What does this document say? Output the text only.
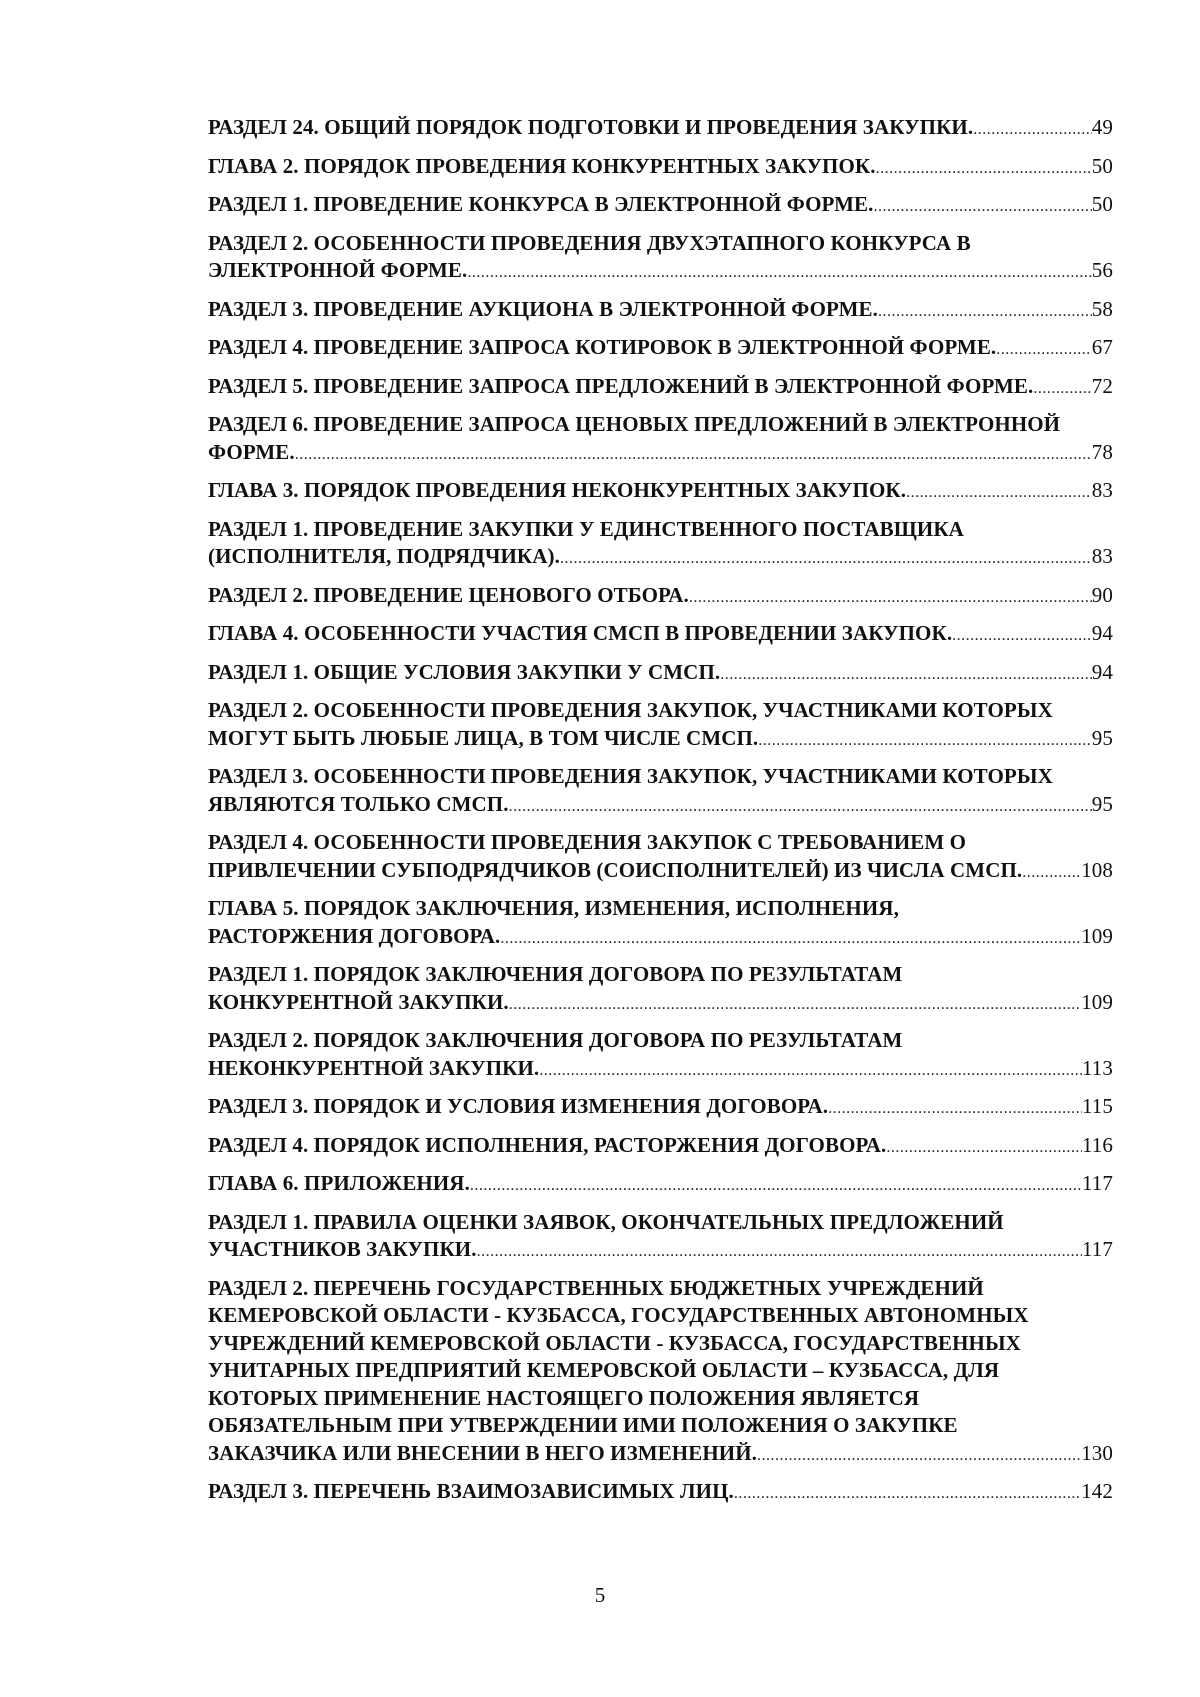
РАЗДЕЛ 24. ОБЩИЙ ПОРЯДОК ПОДГОТОВКИ И ПРОВЕДЕНИЯ ЗАКУПКИ. .....	49
ГЛАВА 2. ПОРЯДОК ПРОВЕДЕНИЯ КОНКУРЕНТНЫХ ЗАКУПОК. .....	50
РАЗДЕЛ 1. ПРОВЕДЕНИЕ КОНКУРСА В ЭЛЕКТРОННОЙ ФОРМЕ. .....	50
РАЗДЕЛ 2. ОСОБЕННОСТИ ПРОВЕДЕНИЯ ДВУХЭТАПНОГО КОНКУРСА В
ЭЛЕКТРОННОЙ ФОРМЕ. .....	56
РАЗДЕЛ 3. ПРОВЕДЕНИЕ АУКЦИОНА В ЭЛЕКТРОННОЙ ФОРМЕ. .....	58
РАЗДЕЛ 4. ПРОВЕДЕНИЕ ЗАПРОСА КОТИРОВОК В ЭЛЕКТРОННОЙ ФОРМЕ. .....	67
РАЗДЕЛ 5. ПРОВЕДЕНИЕ ЗАПРОСА ПРЕДЛОЖЕНИЙ В ЭЛЕКТРОННОЙ ФОРМЕ. .....	72
РАЗДЕЛ 6. ПРОВЕДЕНИЕ ЗАПРОСА ЦЕНОВЫХ ПРЕДЛОЖЕНИЙ В ЭЛЕКТРОННОЙ
ФОРМЕ. .....	78
ГЛАВА 3. ПОРЯДОК ПРОВЕДЕНИЯ НЕКОНКУРЕНТНЫХ ЗАКУПОК. .....	83
РАЗДЕЛ 1. ПРОВЕДЕНИЕ ЗАКУПКИ У ЕДИНСТВЕННОГО ПОСТАВЩИКА
(ИСПОЛНИТЕЛЯ, ПОДРЯДЧИКА). .....	83
РАЗДЕЛ 2. ПРОВЕДЕНИЕ ЦЕНОВОГО ОТБОРА. .....	90
ГЛАВА 4. ОСОБЕННОСТИ УЧАСТИЯ СМСП В ПРОВЕДЕНИИ ЗАКУПОК. .....	94
РАЗДЕЛ 1. ОБЩИЕ УСЛОВИЯ ЗАКУПКИ У СМСП. .....	94
РАЗДЕЛ 2. ОСОБЕННОСТИ ПРОВЕДЕНИЯ ЗАКУПОК, УЧАСТНИКАМИ КОТОРЫХ
МОГУТ БЫТЬ ЛЮБЫЕ ЛИЦА, В ТОМ ЧИСЛЕ СМСП. .....	95
РАЗДЕЛ 3. ОСОБЕННОСТИ ПРОВЕДЕНИЯ ЗАКУПОК, УЧАСТНИКАМИ КОТОРЫХ
ЯВЛЯЮТСЯ ТОЛЬКО СМСП. .....	95
РАЗДЕЛ 4. ОСОБЕННОСТИ ПРОВЕДЕНИЯ ЗАКУПОК С ТРЕБОВАНИЕМ О
ПРИВЛЕЧЕНИИ СУБПОДРЯДЧИКОВ (СОИСПОЛНИТЕЛЕЙ) ИЗ ЧИСЛА СМСП. .....	108
ГЛАВА 5. ПОРЯДОК ЗАКЛЮЧЕНИЯ, ИЗМЕНЕНИЯ, ИСПОЛНЕНИЯ,
РАСТОРЖЕНИЯ ДОГОВОРА. .....	109
РАЗДЕЛ 1. ПОРЯДОК ЗАКЛЮЧЕНИЯ ДОГОВОРА ПО РЕЗУЛЬТАТАМ
КОНКУРЕНТНОЙ ЗАКУПКИ. .....	109
РАЗДЕЛ 2. ПОРЯДОК ЗАКЛЮЧЕНИЯ ДОГОВОРА ПО РЕЗУЛЬТАТАМ
НЕКОНКУРЕНТНОЙ ЗАКУПКИ. .....	113
РАЗДЕЛ 3. ПОРЯДОК И УСЛОВИЯ ИЗМЕНЕНИЯ ДОГОВОРА. .....	115
РАЗДЕЛ 4. ПОРЯДОК ИСПОЛНЕНИЯ, РАСТОРЖЕНИЯ ДОГОВОРА. .....	116
ГЛАВА 6. ПРИЛОЖЕНИЯ. .....	117
РАЗДЕЛ 1. ПРАВИЛА ОЦЕНКИ ЗАЯВОК, ОКОНЧАТЕЛЬНЫХ ПРЕДЛОЖЕНИЙ
УЧАСТНИКОВ ЗАКУПКИ. .....	117
РАЗДЕЛ 2. ПЕРЕЧЕНЬ ГОСУДАРСТВЕННЫХ БЮДЖЕТНЫХ УЧРЕЖДЕНИЙ
КЕМЕРОВСКОЙ ОБЛАСТИ - КУЗБАССА, ГОСУДАРСТВЕННЫХ АВТОНОМНЫХ
УЧРЕЖДЕНИЙ КЕМЕРОВСКОЙ ОБЛАСТИ - КУЗБАССА, ГОСУДАРСТВЕННЫХ
УНИТАРНЫХ ПРЕДПРИЯТИЙ КЕМЕРОВСКОЙ ОБЛАСТИ – КУЗБАССА, ДЛЯ
КОТОРЫХ ПРИМЕНЕНИЕ НАСТОЯЩЕГО ПОЛОЖЕНИЯ ЯВЛЯЕТСЯ
ОБЯЗАТЕЛЬНЫМ ПРИ УТВЕРЖДЕНИИ ИМИ ПОЛОЖЕНИЯ О ЗАКУПКЕ
ЗАКАЗЧИКА ИЛИ ВНЕСЕНИИ В НЕГО ИЗМЕНЕНИЙ. .....	130
РАЗДЕЛ 3. ПЕРЕЧЕНЬ ВЗАИМОЗАВИСИМЫХ ЛИЦ. .....	142
5
